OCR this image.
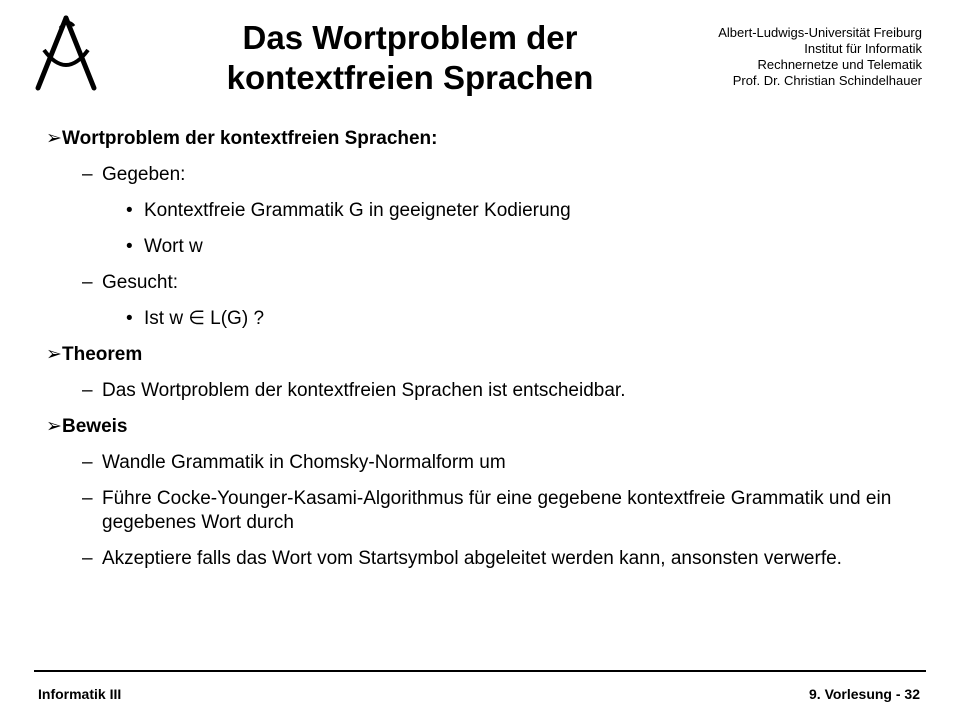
Das Wortproblem der
kontextfreien Sprachen
Albert-Ludwigs-Universität Freiburg
Institut für Informatik
Rechnernetze und Telematik
Prof. Dr. Christian Schindelhauer
➢ Wortproblem der kontextfreien Sprachen:
– Gegeben:
• Kontextfreie Grammatik G in geeigneter Kodierung
• Wort w
– Gesucht:
• Ist w ∈ L(G) ?
➢ Theorem
– Das Wortproblem der kontextfreien Sprachen ist entscheidbar.
➢ Beweis
– Wandle Grammatik in Chomsky-Normalform um
– Führe Cocke-Younger-Kasami-Algorithmus für eine gegebene kontextfreie Grammatik und ein gegebenes Wort durch
– Akzeptiere falls das Wort vom Startsymbol abgeleitet werden kann, ansonsten verwerfe.
Informatik III	9. Vorlesung - 32
